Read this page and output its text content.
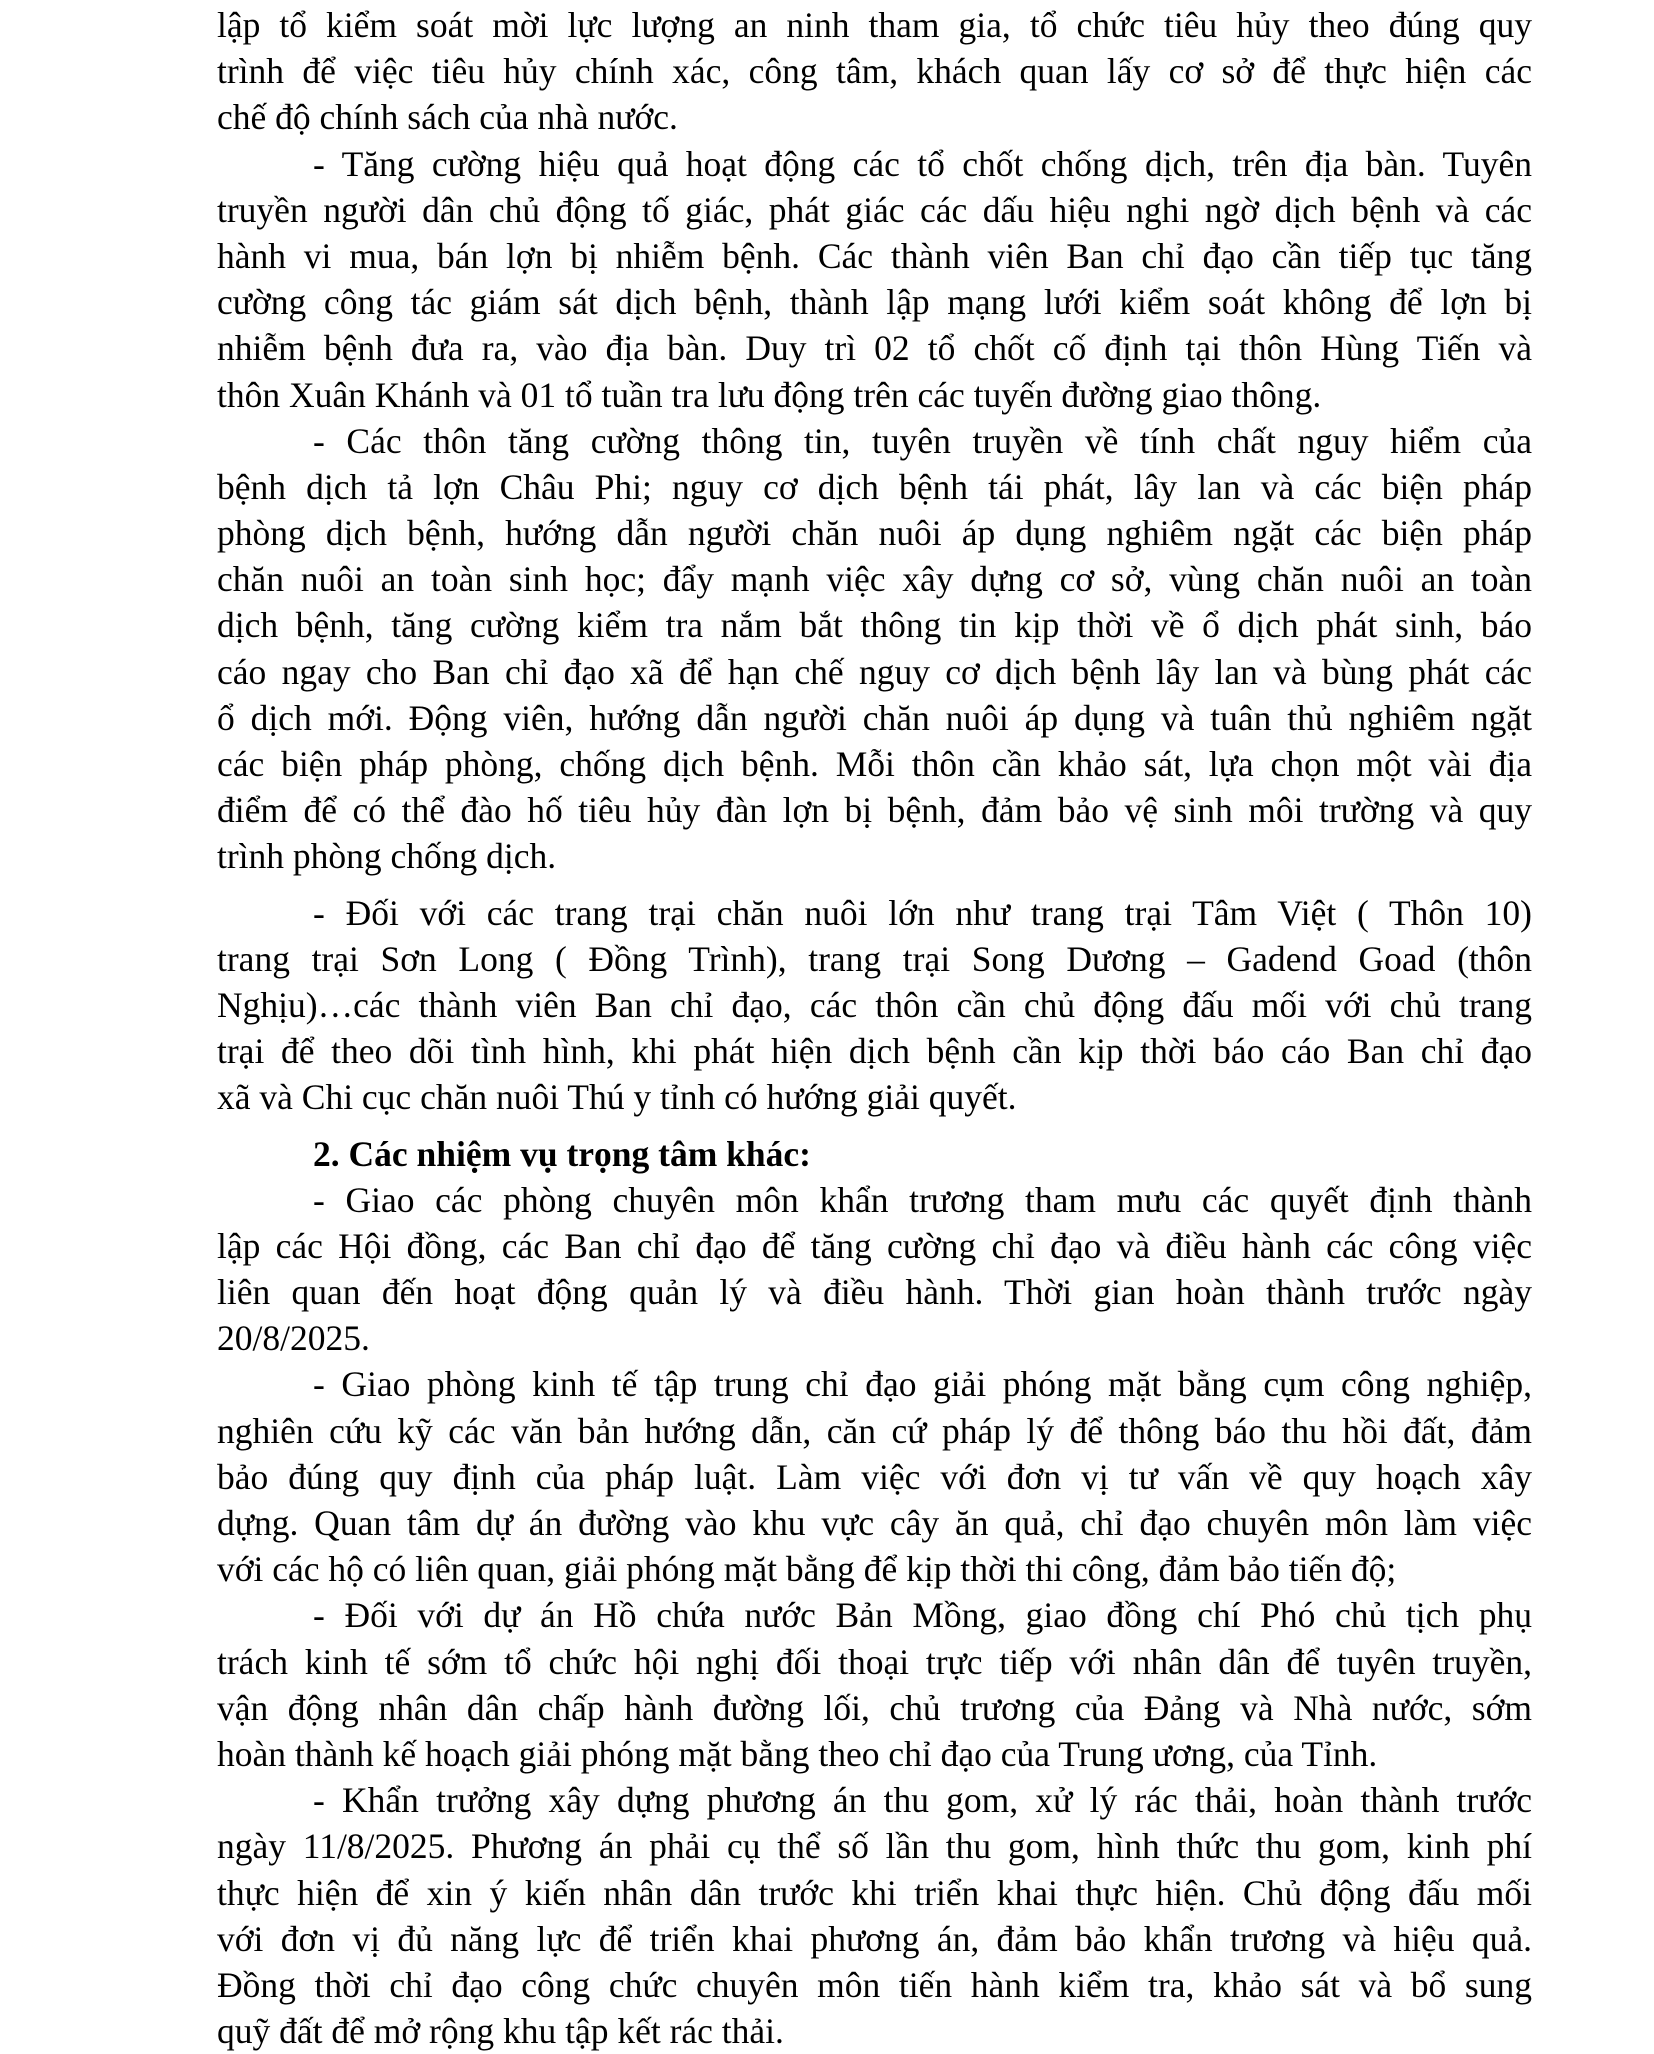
lập tổ kiểm soát mời lực lượng an ninh tham gia, tổ chức tiêu hủy theo đúng quy
trình để việc tiêu hủy chính xác, công tâm, khách quan lấy cơ sở để thực hiện các
chế độ chính sách của nhà nước.
- Tăng cường hiệu quả hoạt động các tổ chốt chống dịch, trên địa bàn. Tuyên
truyền người dân chủ động tố giác, phát giác các dấu hiệu nghi ngờ dịch bệnh và các
hành vi mua, bán lợn bị nhiễm bệnh. Các thành viên Ban chỉ đạo cần tiếp tục tăng
cường công tác giám sát dịch bệnh, thành lập mạng lưới kiểm soát không để lợn bị
nhiễm bệnh đưa ra, vào địa bàn. Duy trì 02 tổ chốt cố định tại thôn Hùng Tiến và
thôn Xuân Khánh và 01 tổ tuần tra lưu động trên các tuyến đường giao thông.
- Các thôn tăng cường thông tin, tuyên truyền về tính chất nguy hiểm của
bệnh dịch tả lợn Châu Phi; nguy cơ dịch bệnh tái phát, lây lan và các biện pháp
phòng dịch bệnh, hướng dẫn người chăn nuôi áp dụng nghiêm ngặt các biện pháp
chăn nuôi an toàn sinh học; đẩy mạnh việc xây dựng cơ sở, vùng chăn nuôi an toàn
dịch bệnh, tăng cường kiểm tra nắm bắt thông tin kịp thời về ổ dịch phát sinh, báo
cáo ngay cho Ban chỉ đạo xã để hạn chế nguy cơ dịch bệnh lây lan và bùng phát các
ổ dịch mới. Động viên, hướng dẫn người chăn nuôi áp dụng và tuân thủ nghiêm ngặt
các biện pháp phòng, chống dịch bệnh. Mỗi thôn cần khảo sát, lựa chọn một vài địa
điểm để có thể đào hố tiêu hủy đàn lợn bị bệnh, đảm bảo vệ sinh môi trường và quy
trình phòng chống dịch.
- Đối với các trang trại chăn nuôi lớn như trang trại Tâm Việt ( Thôn 10)
trang trại Sơn Long ( Đồng Trình), trang trại Song Dương – Gadend Goad (thôn
Nghịu)…các thành viên Ban chỉ đạo, các thôn cần chủ động đấu mối với chủ trang
trại để theo dõi tình hình, khi phát hiện dịch bệnh cần kịp thời báo cáo Ban chỉ đạo
xã và Chi cục chăn nuôi Thú y tỉnh có hướng giải quyết.
2. Các nhiệm vụ trọng tâm khác:
- Giao các phòng chuyên môn khẩn trương tham mưu các quyết định thành
lập các Hội đồng, các Ban chỉ đạo để tăng cường chỉ đạo và điều hành các công việc
liên quan đến hoạt động quản lý và điều hành. Thời gian hoàn thành trước ngày
20/8/2025.
- Giao phòng kinh tế tập trung chỉ đạo giải phóng mặt bằng cụm công nghiệp,
nghiên cứu kỹ các văn bản hướng dẫn, căn cứ pháp lý để thông báo thu hồi đất, đảm
bảo đúng quy định của pháp luật. Làm việc với đơn vị tư vấn về quy hoạch xây
dựng. Quan tâm dự án đường vào khu vực cây ăn quả, chỉ đạo chuyên môn làm việc
với các hộ có liên quan, giải phóng mặt bằng để kịp thời thi công, đảm bảo tiến độ;
- Đối với dự án Hồ chứa nước Bản Mồng, giao đồng chí Phó chủ tịch phụ
trách kinh tế sớm tổ chức hội nghị đối thoại trực tiếp với nhân dân để tuyên truyền,
vận động nhân dân chấp hành đường lối, chủ trương của Đảng và Nhà nước, sớm
hoàn thành kế hoạch giải phóng mặt bằng theo chỉ đạo của Trung ương, của Tỉnh.
- Khẩn trưởng xây dựng phương án thu gom, xử lý rác thải, hoàn thành trước
ngày 11/8/2025. Phương án phải cụ thể số lần thu gom, hình thức thu gom, kinh phí
thực hiện để xin ý kiến nhân dân trước khi triển khai thực hiện. Chủ động đấu mối
với đơn vị đủ năng lực để triển khai phương án, đảm bảo khẩn trương và hiệu quả.
Đồng thời chỉ đạo công chức chuyên môn tiến hành kiểm tra, khảo sát và bổ sung
quỹ đất để mở rộng khu tập kết rác thải.
